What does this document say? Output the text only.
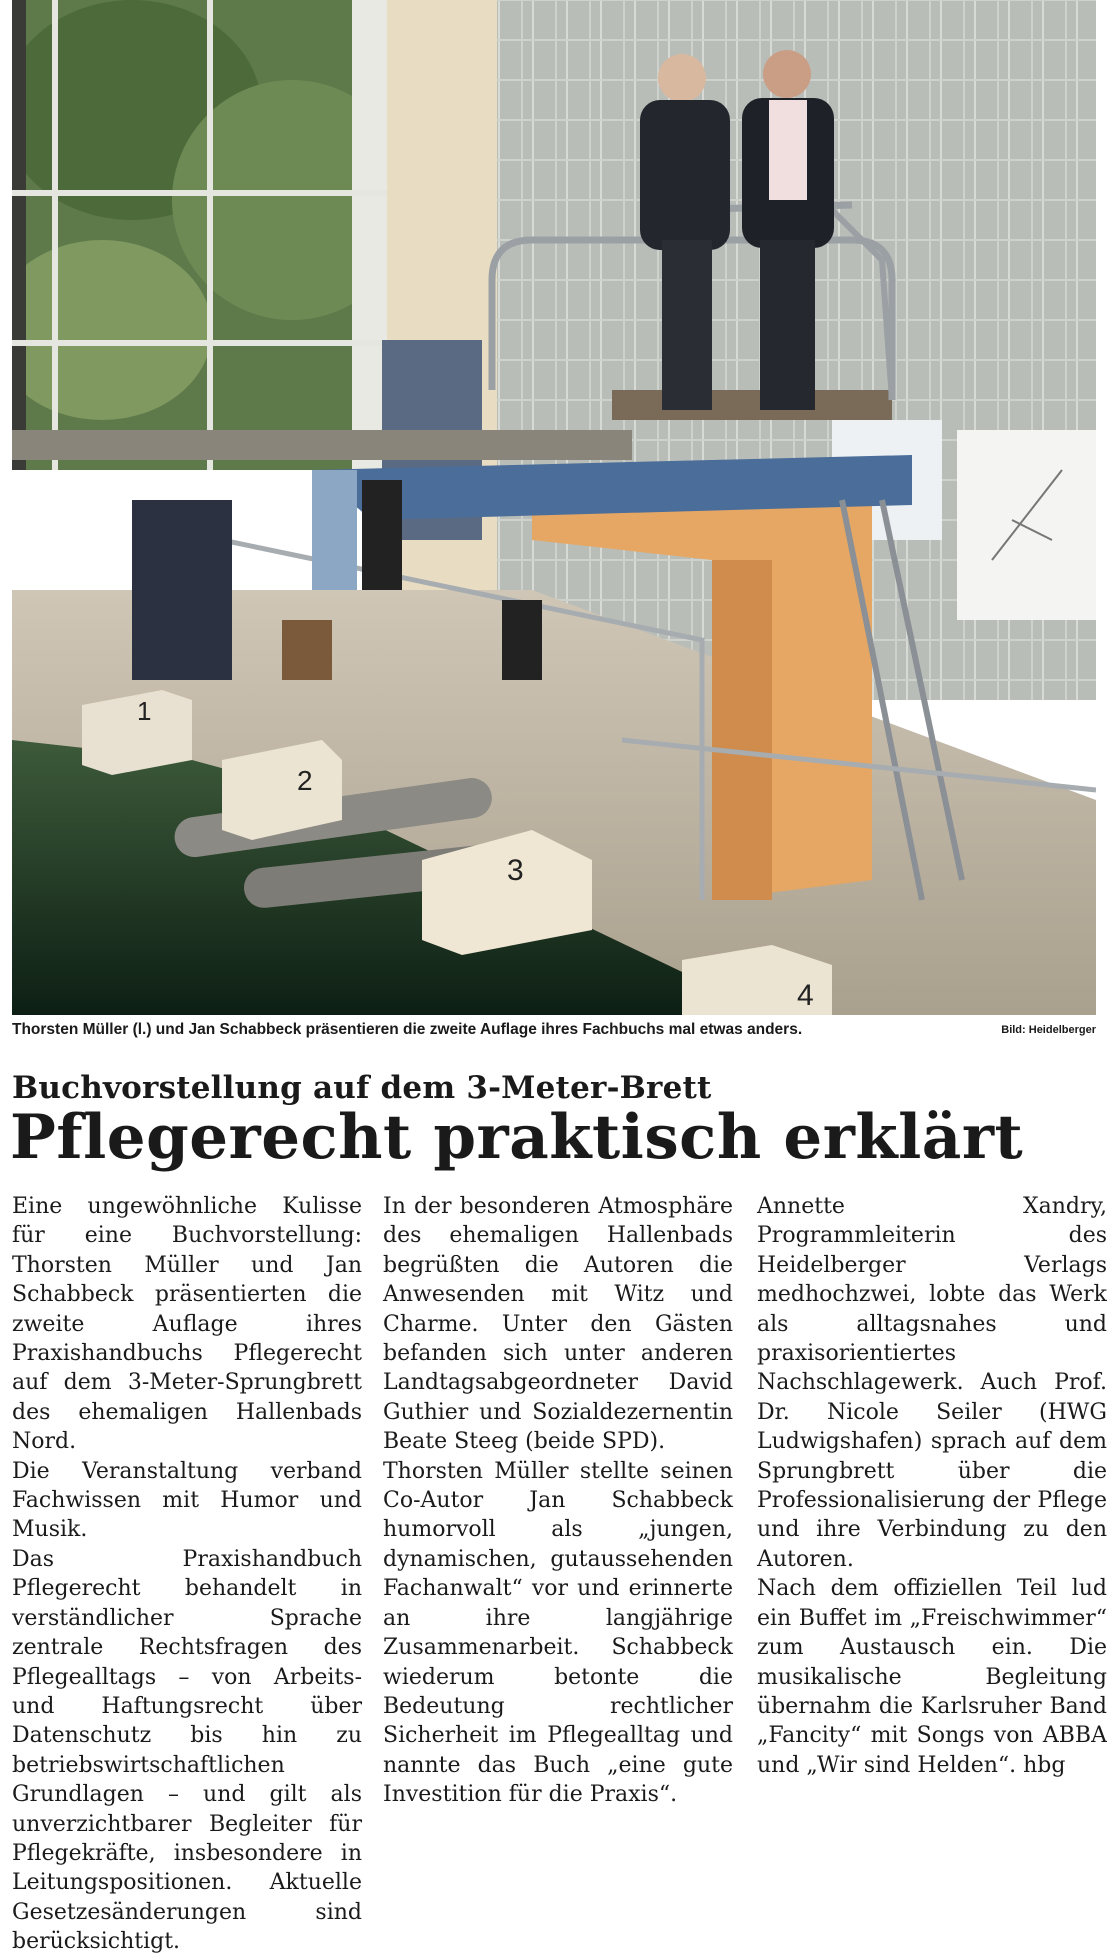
1
2
3
4
Thorsten Müller (l.) und Jan Schabbeck präsentieren die zweite Auflage ihres Fachbuchs mal etwas anders.	Bild: Heidelberger
Buchvorstellung auf dem 3-Meter-Brett
Pflegerecht praktisch erklärt

Eine ungewöhnliche Kulisse für eine Buchvorstellung: Thorsten Müller und Jan Schabbeck präsentierten die zweite Auflage ihres Praxishandbuchs Pflegerecht auf dem 3-Meter-Sprungbrett des ehemaligen Hallenbads Nord.

Die Veranstaltung verband Fachwissen mit Humor und Musik.

Das Praxishandbuch Pflegerecht behandelt in verständlicher Sprache zentrale Rechtsfragen des Pflegealltags – von Arbeits- und Haftungsrecht über Datenschutz bis hin zu betriebswirtschaftlichen Grundlagen – und gilt als unverzichtbarer Begleiter für Pflegekräfte, insbesondere in Leitungspositionen. Aktuelle Gesetzesänderungen sind berücksichtigt.

In der besonderen Atmosphäre des ehemaligen Hallenbads begrüßten die Autoren die Anwesenden mit Witz und Charme. Unter den Gästen befanden sich unter anderen Landtagsabgeordneter David Guthier und Sozialdezernentin Beate Steeg (beide SPD).

Thorsten Müller stellte seinen Co-Autor Jan Schabbeck humorvoll als „jungen, dynamischen, gutaussehenden Fachanwalt“ vor und erinnerte an ihre langjährige Zusammenarbeit. Schabbeck wiederum betonte die Bedeutung rechtlicher Sicherheit im Pflegealltag und nannte das Buch „eine gute Investition für die Praxis“.

Annette Xandry, Programmleiterin des Heidelberger Verlags medhochzwei, lobte das Werk als alltagsnahes und praxisorientiertes Nachschlagewerk. Auch Prof. Dr. Nicole Seiler (HWG Ludwigshafen) sprach auf dem Sprungbrett über die Professionalisierung der Pflege und ihre Verbindung zu den Autoren.

Nach dem offiziellen Teil lud ein Buffet im „Freischwimmer“ zum Austausch ein. Die musikalische Begleitung übernahm die Karlsruher Band „Fancity“ mit Songs von ABBA und „Wir sind Helden“. hbg
